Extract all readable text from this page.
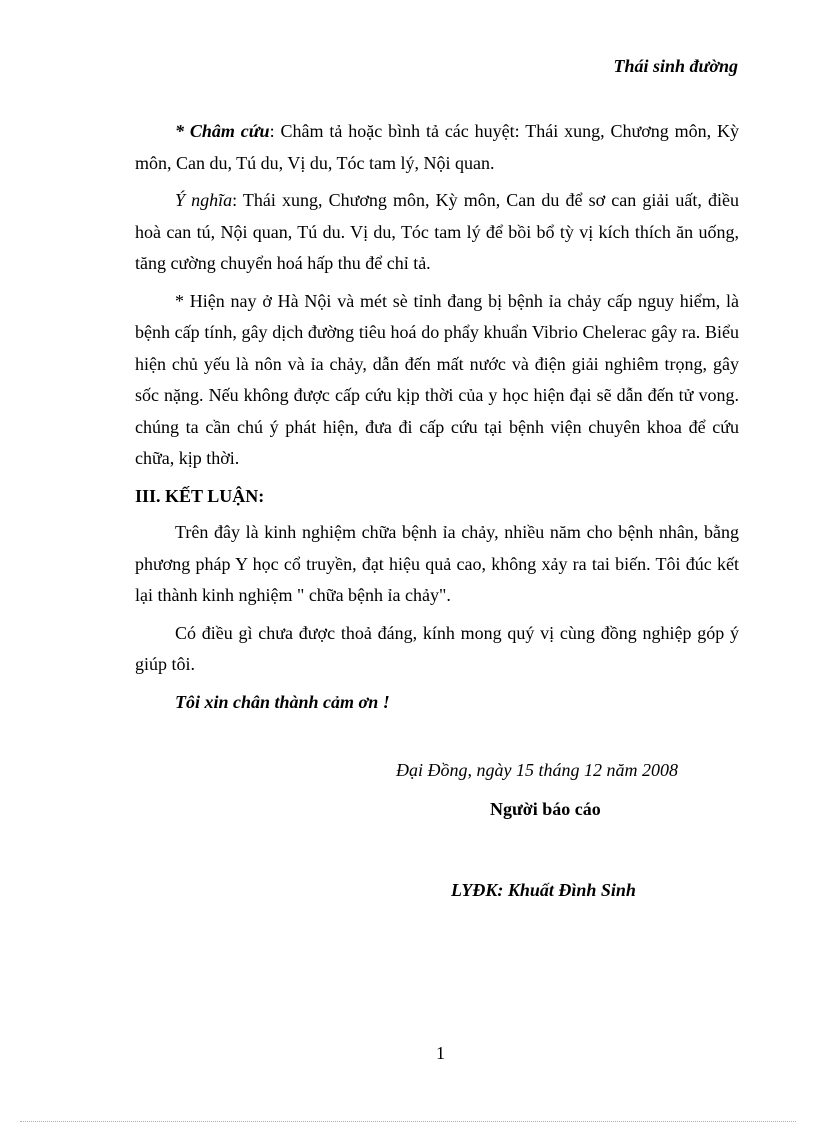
Thái sinh đường

* Châm cứu: Châm tả hoặc bình tả các huyệt: Thái xung, Chương môn, Kỳ môn, Can du, Tú du, Vị du, Tóc tam lý, Nội quan.

Ý nghĩa: Thái xung, Chương môn, Kỳ môn, Can du để sơ can giải uất, điều hoà can tú, Nội quan, Tú du. Vị du, Tóc tam lý để bồi bổ tỳ vị kích thích ăn uống, tăng cường chuyển hoá hấp thu để chỉ tả.

* Hiện nay ở Hà Nội và mét sè tỉnh đang bị bệnh ỉa chảy cấp nguy hiểm, là bệnh cấp tính, gây dịch đường tiêu hoá do phẩy khuẩn Vibrio Chelerac gây ra. Biểu hiện chủ yếu là nôn và ỉa chảy, dẫn đến mất nước và điện giải nghiêm trọng, gây sốc nặng. Nếu không được cấp cứu kịp thời của y học hiện đại sẽ dẫn đến tử vong. chúng ta cần chú ý phát hiện, đưa đi cấp cứu tại bệnh viện chuyên khoa để cứu chữa, kịp thời.

III. KẾT LUẬN:

Trên đây là kinh nghiệm chữa bệnh ỉa chảy, nhiều năm cho bệnh nhân, bằng phương pháp Y học cổ truyền, đạt hiệu quả cao, không xảy ra tai biến. Tôi đúc kết lại thành kinh nghiệm " chữa bệnh ỉa chảy".

Có điều gì chưa được thoả đáng, kính mong quý vị cùng đồng nghiệp góp ý giúp tôi.

Tôi xin chân thành cảm ơn !
Đại Đồng, ngày 15 tháng 12 năm 2008
Người báo cáo
LYĐK: Khuất Đình Sinh
1
